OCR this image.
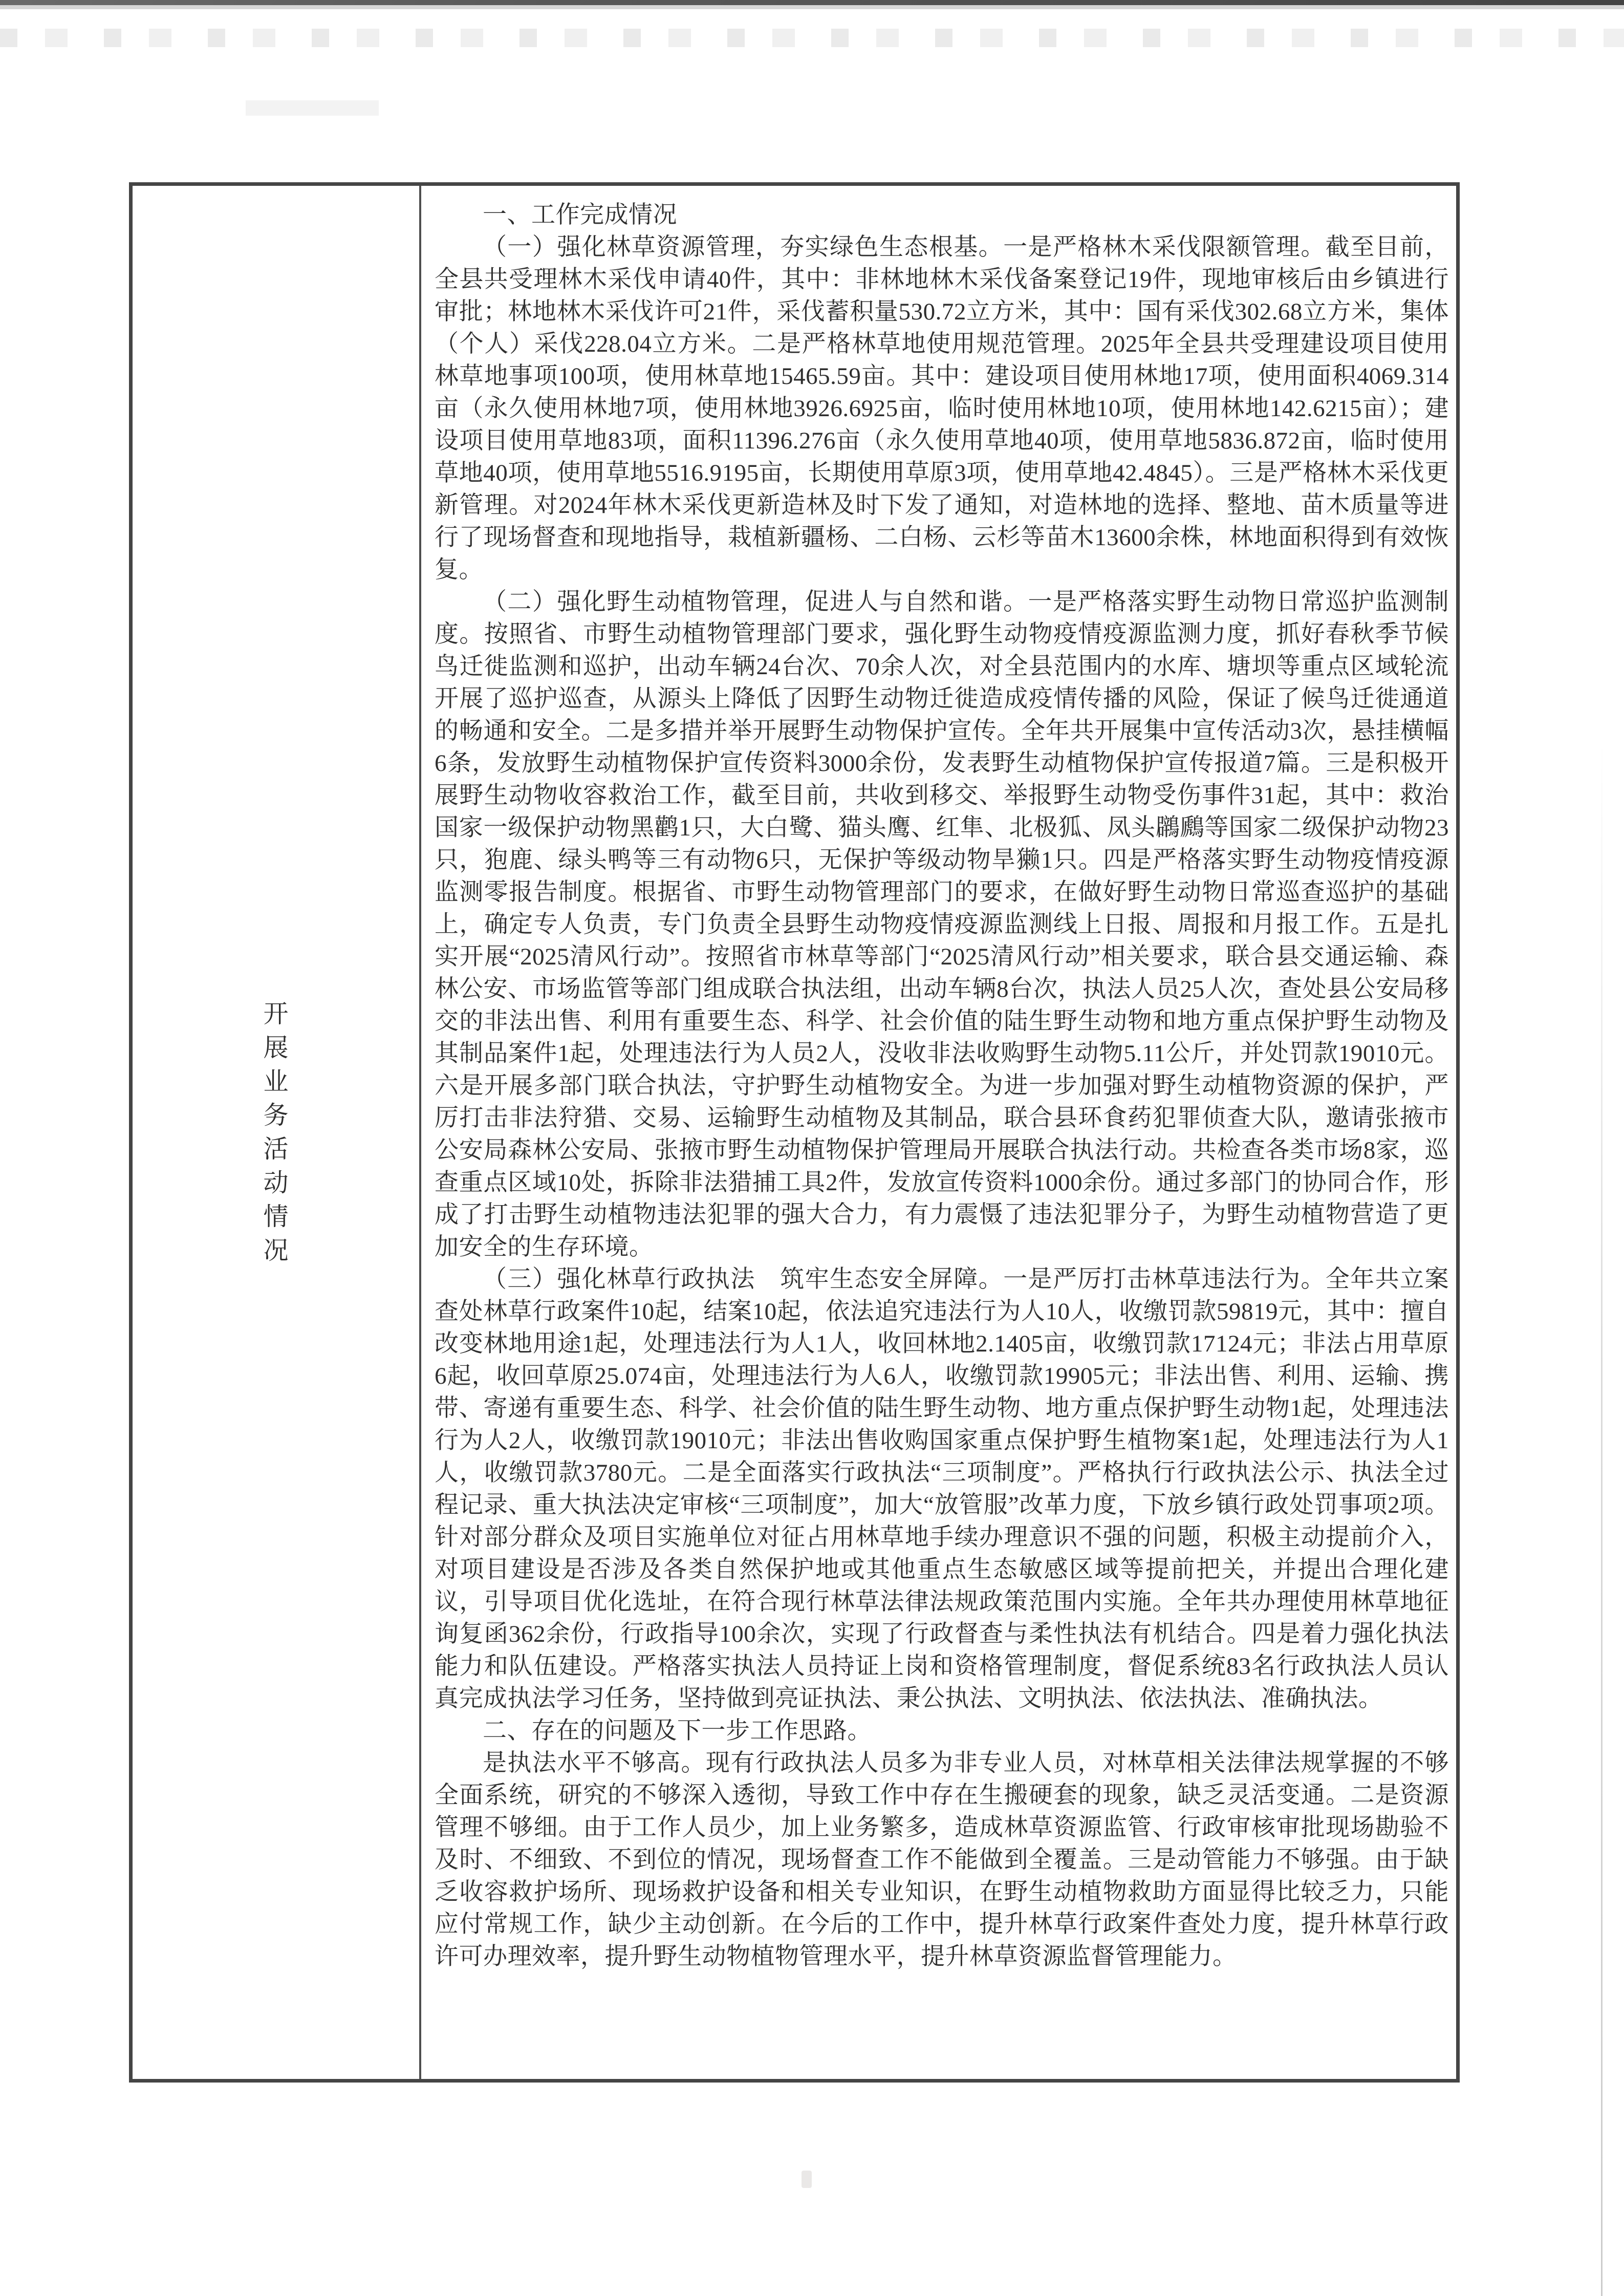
开
展
业
务
活
动
情
况

一、工作完成情况

（一）强化林草资源管理，夯实绿色生态根基。一是严格林木采伐限额管理。截至目前，全县共受理林木采伐申请40件，其中：非林地林木采伐备案登记19件，现地审核后由乡镇进行审批；林地林木采伐许可21件，采伐蓄积量530.72立方米，其中：国有采伐302.68立方米，集体（个人）采伐228.04立方米。二是严格林草地使用规范管理。2025年全县共受理建设项目使用林草地事项100项，使用林草地15465.59亩。其中：建设项目使用林地17项，使用面积4069.314亩（永久使用林地7项，使用林地3926.6925亩，临时使用林地10项，使用林地142.6215亩）；建设项目使用草地83项，面积11396.276亩（永久使用草地40项，使用草地5836.872亩，临时使用草地40项，使用草地5516.9195亩，长期使用草原3项，使用草地42.4845）。三是严格林木采伐更新管理。对2024年林木采伐更新造林及时下发了通知，对造林地的选择、整地、苗木质量等进行了现场督查和现地指导，栽植新疆杨、二白杨、云杉等苗木13600余株，林地面积得到有效恢复。

（二）强化野生动植物管理，促进人与自然和谐。一是严格落实野生动物日常巡护监测制度。按照省、市野生动植物管理部门要求，强化野生动物疫情疫源监测力度，抓好春秋季节候鸟迁徙监测和巡护，出动车辆24台次、70余人次，对全县范围内的水库、塘坝等重点区域轮流开展了巡护巡查，从源头上降低了因野生动物迁徙造成疫情传播的风险，保证了候鸟迁徙通道的畅通和安全。二是多措并举开展野生动物保护宣传。全年共开展集中宣传活动3次，悬挂横幅6条，发放野生动植物保护宣传资料3000余份，发表野生动植物保护宣传报道7篇。三是积极开展野生动物收容救治工作，截至目前，共收到移交、举报野生动物受伤事件31起，其中：救治国家一级保护动物黑鹳1只，大白鹭、猫头鹰、红隼、北极狐、凤头鸊鷉等国家二级保护动物23只，狍鹿、绿头鸭等三有动物6只，无保护等级动物旱獭1只。四是严格落实野生动物疫情疫源监测零报告制度。根据省、市野生动物管理部门的要求，在做好野生动物日常巡查巡护的基础上，确定专人负责，专门负责全县野生动物疫情疫源监测线上日报、周报和月报工作。五是扎实开展“2025清风行动”。按照省市林草等部门“2025清风行动”相关要求，联合县交通运输、森林公安、市场监管等部门组成联合执法组，出动车辆8台次，执法人员25人次，查处县公安局移交的非法出售、利用有重要生态、科学、社会价值的陆生野生动物和地方重点保护野生动物及其制品案件1起，处理违法行为人员2人，没收非法收购野生动物5.11公斤，并处罚款19010元。六是开展多部门联合执法，守护野生动植物安全。为进一步加强对野生动植物资源的保护，严厉打击非法狩猎、交易、运输野生动植物及其制品，联合县环食药犯罪侦查大队，邀请张掖市公安局森林公安局、张掖市野生动植物保护管理局开展联合执法行动。共检查各类市场8家，巡查重点区域10处，拆除非法猎捕工具2件，发放宣传资料1000余份。通过多部门的协同合作，形成了打击野生动植物违法犯罪的强大合力，有力震慑了违法犯罪分子，为野生动植物营造了更加安全的生存环境。

（三）强化林草行政执法　筑牢生态安全屏障。一是严厉打击林草违法行为。全年共立案查处林草行政案件10起，结案10起，依法追究违法行为人10人，收缴罚款59819元，其中：擅自改变林地用途1起，处理违法行为人1人，收回林地2.1405亩，收缴罚款17124元；非法占用草原6起，收回草原25.074亩，处理违法行为人6人，收缴罚款19905元；非法出售、利用、运输、携带、寄递有重要生态、科学、社会价值的陆生野生动物、地方重点保护野生动物1起，处理违法行为人2人，收缴罚款19010元；非法出售收购国家重点保护野生植物案1起，处理违法行为人1人，收缴罚款3780元。二是全面落实行政执法“三项制度”。严格执行行政执法公示、执法全过程记录、重大执法决定审核“三项制度”，加大“放管服”改革力度，下放乡镇行政处罚事项2项。针对部分群众及项目实施单位对征占用林草地手续办理意识不强的问题，积极主动提前介入，对项目建设是否涉及各类自然保护地或其他重点生态敏感区域等提前把关，并提出合理化建议，引导项目优化选址，在符合现行林草法律法规政策范围内实施。全年共办理使用林草地征询复函362余份，行政指导100余次，实现了行政督查与柔性执法有机结合。四是着力强化执法能力和队伍建设。严格落实执法人员持证上岗和资格管理制度，督促系统83名行政执法人员认真完成执法学习任务，坚持做到亮证执法、秉公执法、文明执法、依法执法、准确执法。

二、存在的问题及下一步工作思路。

是执法水平不够高。现有行政执法人员多为非专业人员，对林草相关法律法规掌握的不够全面系统，研究的不够深入透彻，导致工作中存在生搬硬套的现象，缺乏灵活变通。二是资源管理不够细。由于工作人员少，加上业务繁多，造成林草资源监管、行政审核审批现场勘验不及时、不细致、不到位的情况，现场督查工作不能做到全覆盖。三是动管能力不够强。由于缺乏收容救护场所、现场救护设备和相关专业知识，在野生动植物救助方面显得比较乏力，只能应付常规工作，缺少主动创新。在今后的工作中，提升林草行政案件查处力度，提升林草行政许可办理效率，提升野生动物植物管理水平，提升林草资源监督管理能力。
